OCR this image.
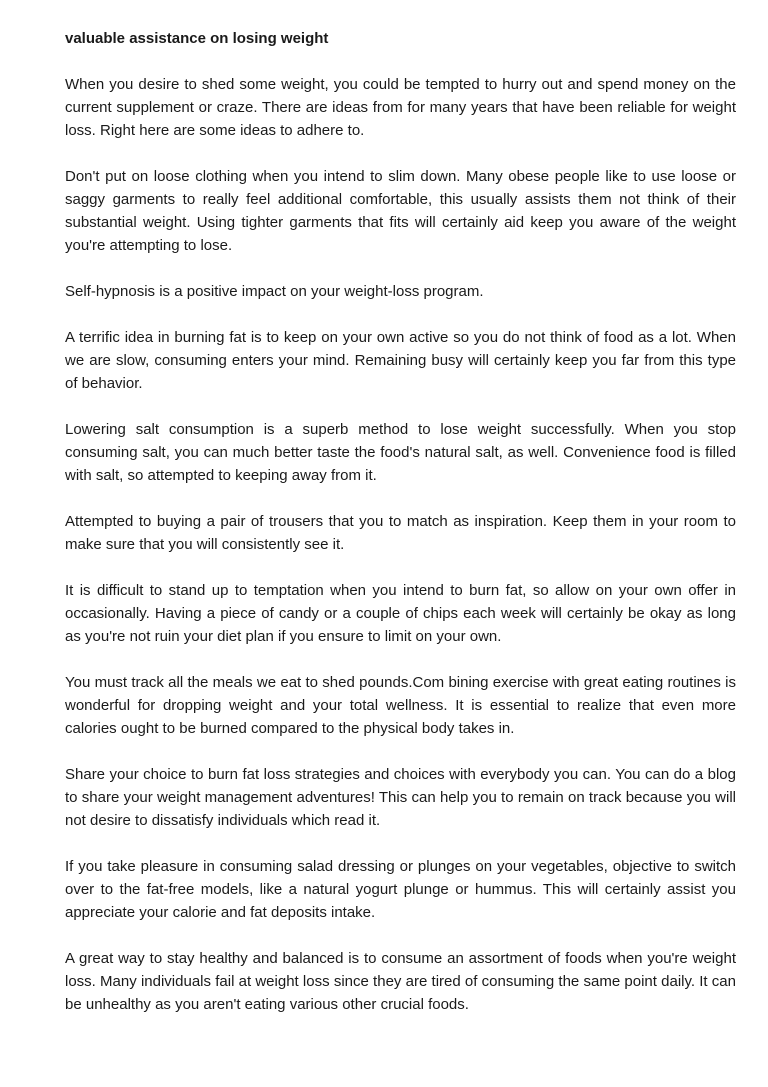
valuable assistance on losing weight

When you desire to shed some weight, you could be tempted to hurry out and spend money on the current supplement or craze. There are ideas from for many years that have been reliable for weight loss. Right here are some ideas to adhere to.

Don't put on loose clothing when you intend to slim down. Many obese people like to use loose or saggy garments to really feel additional comfortable, this usually assists them not think of their substantial weight. Using tighter garments that fits will certainly aid keep you aware of the weight you're attempting to lose.

Self-hypnosis is a positive impact on your weight-loss program.

A terrific idea in burning fat is to keep on your own active so you do not think of food as a lot. When we are slow, consuming enters your mind. Remaining busy will certainly keep you far from this type of behavior.

Lowering salt consumption is a superb method to lose weight successfully. When you stop consuming salt, you can much better taste the food's natural salt, as well. Convenience food is filled with salt, so attempted to keeping away from it.

Attempted to buying a pair of trousers that you to match as inspiration. Keep them in your room to make sure that you will consistently see it.

It is difficult to stand up to temptation when you intend to burn fat, so allow on your own offer in occasionally. Having a piece of candy or a couple of chips each week will certainly be okay as long as you're not ruin your diet plan if you ensure to limit on your own.

You must track all the meals we eat to shed pounds.Com bining exercise with great eating routines is wonderful for dropping weight and your total wellness. It is essential to realize that even more calories ought to be burned compared to the physical body takes in.

Share your choice to burn fat loss strategies and choices with everybody you can. You can do a blog to share your weight management adventures! This can help you to remain on track because you will not desire to dissatisfy individuals which read it.

If you take pleasure in consuming salad dressing or plunges on your vegetables, objective to switch over to the fat-free models, like a natural yogurt plunge or hummus. This will certainly assist you appreciate your calorie and fat deposits intake.

A great way to stay healthy and balanced is to consume an assortment of foods when you're weight loss. Many individuals fail at weight loss since they are tired of consuming the same point daily. It can be unhealthy as you aren't eating various other crucial foods.
